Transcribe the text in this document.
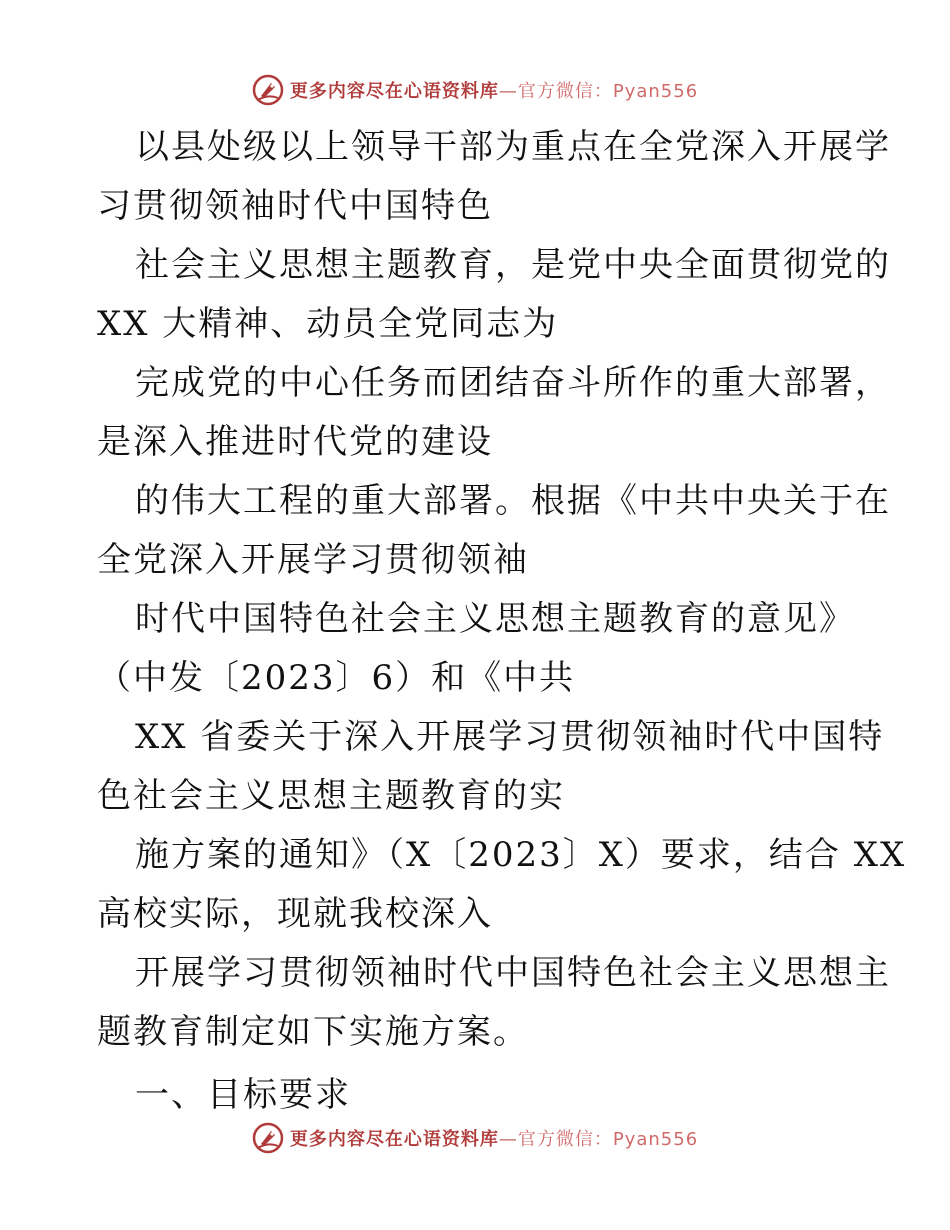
更多内容尽在心语资料库—官方微信：Pyan556
以县处级以上领导干部为重点在全党深入开展学
习贯彻领袖时代中国特色
社会主义思想主题教育，是党中央全面贯彻党的
XX 大精神、动员全党同志为
完成党的中心任务而团结奋斗所作的重大部署，
是深入推进时代党的建设
的伟大工程的重大部署。根据《中共中央关于在
全党深入开展学习贯彻领袖
时代中国特色社会主义思想主题教育的意见》
（中发〔2023〕6）和《中共
XX 省委关于深入开展学习贯彻领袖时代中国特
色社会主义思想主题教育的实
施方案的通知》（X〔2023〕X）要求，结合 XX
高校实际，现就我校深入
开展学习贯彻领袖时代中国特色社会主义思想主
题教育制定如下实施方案。
一、目标要求
更多内容尽在心语资料库—官方微信：Pyan556
